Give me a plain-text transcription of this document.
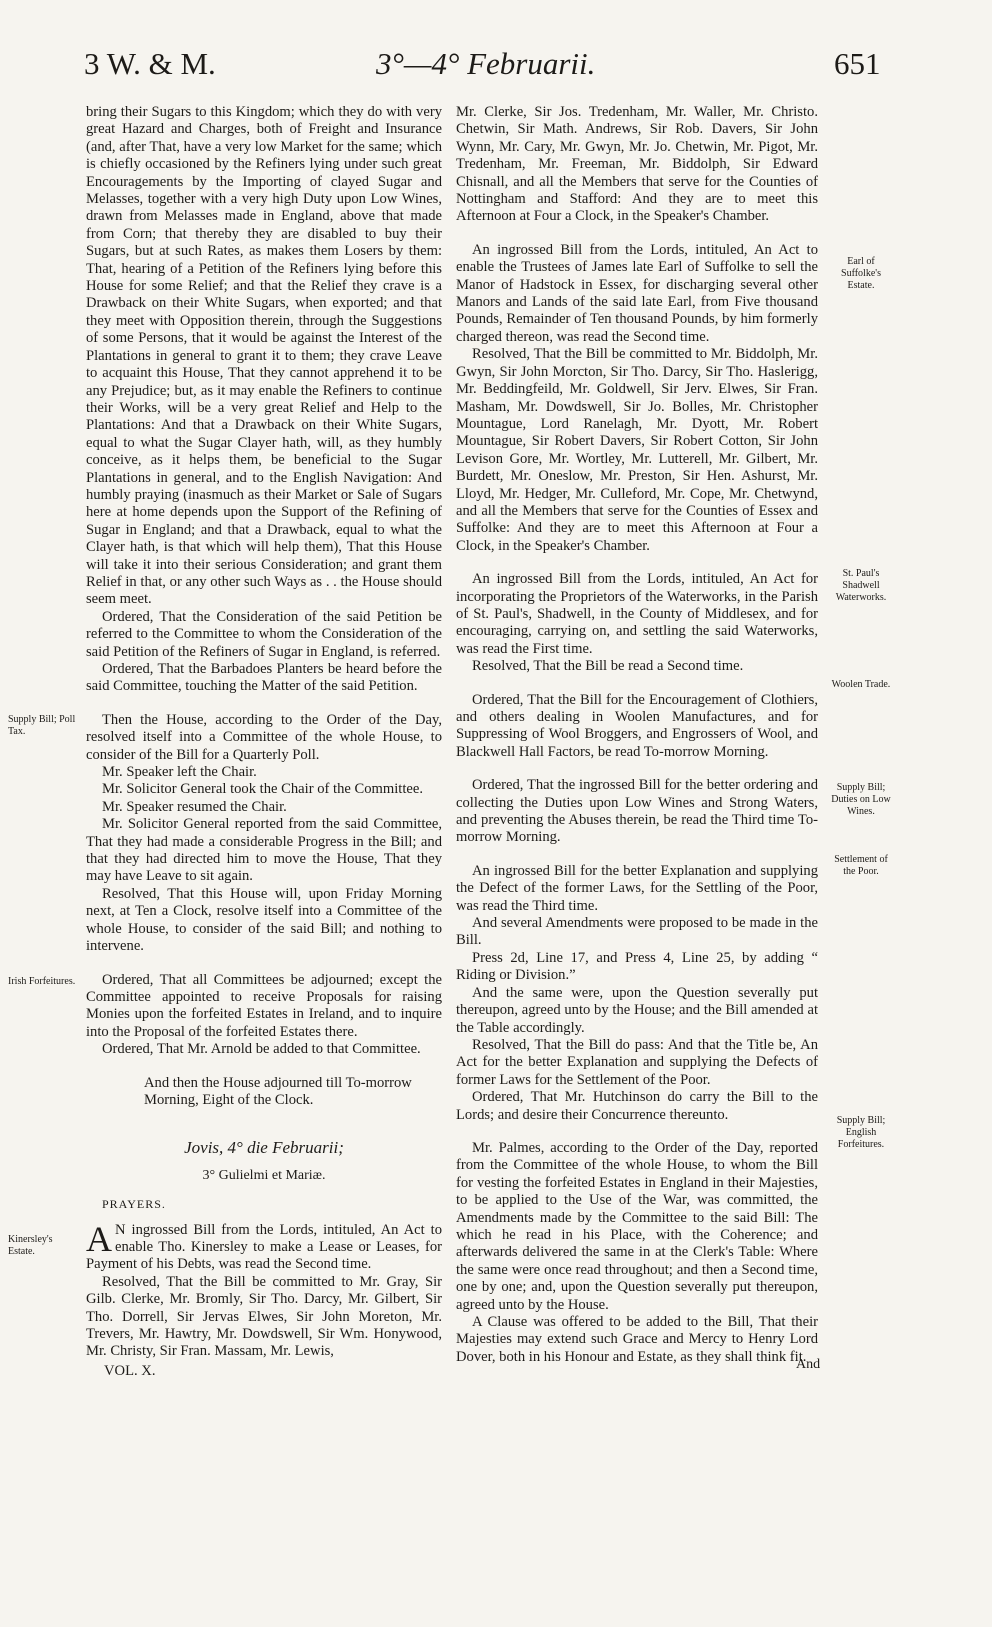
3 W. & M.	3°—4° Februarii.	651
Supply Bill; Poll Tax.
Irish Forfeitures.
Kinersley's Estate.
Earl of Suffolke's Estate.
St. Paul's Shadwell Waterworks.
Woolen Trade.
Supply Bill; Duties on Low Wines.
Settlement of the Poor.
Supply Bill; English Forfeitures.

bring their Sugars to this Kingdom; which they do with very great Hazard and Charges, both of Freight and Insurance (and, after That, have a very low Market for the same; which is chiefly occasioned by the Refiners lying under such great Encouragements by the Importing of clayed Sugar and Melasses, together with a very high Duty upon Low Wines, drawn from Melasses made in England, above that made from Corn; that thereby they are disabled to buy their Sugars, but at such Rates, as makes them Losers by them: That, hearing of a Petition of the Refiners lying before this House for some Relief; and that the Relief they crave is a Drawback on their White Sugars, when exported; and that they meet with Opposition therein, through the Suggestions of some Persons, that it would be against the Interest of the Plantations in general to grant it to them; they crave Leave to acquaint this House, That they cannot apprehend it to be any Prejudice; but, as it may enable the Refiners to continue their Works, will be a very great Relief and Help to the Plantations: And that a Drawback on their White Sugars, equal to what the Sugar Clayer hath, will, as they humbly conceive, as it helps them, be beneficial to the Sugar Plantations in general, and to the English Navigation: And humbly praying (inasmuch as their Market or Sale of Sugars here at home depends upon the Support of the Refining of Sugar in England; and that a Drawback, equal to what the Clayer hath, is that which will help them), That this House will take it into their serious Consideration; and grant them Relief in that, or any other such Ways as . . the House should seem meet.

Ordered, That the Consideration of the said Petition be referred to the Committee to whom the Consideration of the said Petition of the Refiners of Sugar in England, is referred.

Ordered, That the Barbadoes Planters be heard before the said Committee, touching the Matter of the said Petition.

Then the House, according to the Order of the Day, resolved itself into a Committee of the whole House, to consider of the Bill for a Quarterly Poll.

Mr. Speaker left the Chair.

Mr. Solicitor General took the Chair of the Committee.

Mr. Speaker resumed the Chair.

Mr. Solicitor General reported from the said Committee, That they had made a considerable Progress in the Bill; and that they had directed him to move the House, That they may have Leave to sit again.

Resolved, That this House will, upon Friday Morning next, at Ten a Clock, resolve itself into a Committee of the whole House, to consider of the said Bill; and nothing to intervene.

Ordered, That all Committees be adjourned; except the Committee appointed to receive Proposals for raising Monies upon the forfeited Estates in Ireland, and to inquire into the Proposal of the forfeited Estates there.

Ordered, That Mr. Arnold be added to that Committee.

And then the House adjourned till To-morrow Morning, Eight of the Clock.

Jovis, 4° die Februarii;

3° Gulielmi et Mariæ.

PRAYERS.

A N ingrossed Bill from the Lords, intituled, An Act to enable Tho. Kinersley to make a Lease or Leases, for Payment of his Debts, was read the Second time.

Resolved, That the Bill be committed to Mr. Gray, Sir Gilb. Clerke, Mr. Bromly, Sir Tho. Darcy, Mr. Gilbert, Sir Tho. Dorrell, Sir Jervas Elwes, Sir John Moreton, Mr. Trevers, Mr. Hawtry, Mr. Dowdswell, Sir Wm. Honywood, Mr. Christy, Sir Fran. Massam, Mr. Lewis,

VOL. X.

Mr. Clerke, Sir Jos. Tredenham, Mr. Waller, Mr. Christo. Chetwin, Sir Math. Andrews, Sir Rob. Davers, Sir John Wynn, Mr. Cary, Mr. Gwyn, Mr. Jo. Chetwin, Mr. Pigot, Mr. Tredenham, Mr. Freeman, Mr. Biddolph, Sir Edward Chisnall, and all the Members that serve for the Counties of Nottingham and Stafford: And they are to meet this Afternoon at Four a Clock, in the Speaker's Chamber.

An ingrossed Bill from the Lords, intituled, An Act to enable the Trustees of James late Earl of Suffolke to sell the Manor of Hadstock in Essex, for discharging several other Manors and Lands of the said late Earl, from Five thousand Pounds, Remainder of Ten thousand Pounds, by him formerly charged thereon, was read the Second time.

Resolved, That the Bill be committed to Mr. Biddolph, Mr. Gwyn, Sir John Morcton, Sir Tho. Darcy, Sir Tho. Haslerigg, Mr. Beddingfeild, Mr. Goldwell, Sir Jerv. Elwes, Sir Fran. Masham, Mr. Dowdswell, Sir Jo. Bolles, Mr. Christopher Mountague, Lord Ranelagh, Mr. Dyott, Mr. Robert Mountague, Sir Robert Davers, Sir Robert Cotton, Sir John Levison Gore, Mr. Wortley, Mr. Lutterell, Mr. Gilbert, Mr. Burdett, Mr. Oneslow, Mr. Preston, Sir Hen. Ashurst, Mr. Lloyd, Mr. Hedger, Mr. Culleford, Mr. Cope, Mr. Chetwynd, and all the Members that serve for the Counties of Essex and Suffolke: And they are to meet this Afternoon at Four a Clock, in the Speaker's Chamber.

An ingrossed Bill from the Lords, intituled, An Act for incorporating the Proprietors of the Waterworks, in the Parish of St. Paul's, Shadwell, in the County of Middlesex, and for encouraging, carrying on, and settling the said Waterworks, was read the First time.

Resolved, That the Bill be read a Second time.

Ordered, That the Bill for the Encouragement of Clothiers, and others dealing in Woolen Manufactures, and for Suppressing of Wool Broggers, and Engrossers of Wool, and Blackwell Hall Factors, be read To-morrow Morning.

Ordered, That the ingrossed Bill for the better ordering and collecting the Duties upon Low Wines and Strong Waters, and preventing the Abuses therein, be read the Third time To-morrow Morning.

An ingrossed Bill for the better Explanation and supplying the Defect of the former Laws, for the Settling of the Poor, was read the Third time.

And several Amendments were proposed to be made in the Bill.

Press 2d, Line 17, and Press 4, Line 25, by adding “ Riding or Division.”

And the same were, upon the Question severally put thereupon, agreed unto by the House; and the Bill amended at the Table accordingly.

Resolved, That the Bill do pass: And that the Title be, An Act for the better Explanation and supplying the Defects of former Laws for the Settlement of the Poor.

Ordered, That Mr. Hutchinson do carry the Bill to the Lords; and desire their Concurrence thereunto.

Mr. Palmes, according to the Order of the Day, reported from the Committee of the whole House, to whom the Bill for vesting the forfeited Estates in England in their Majesties, to be applied to the Use of the War, was committed, the Amendments made by the Committee to the said Bill: The which he read in his Place, with the Coherence; and afterwards delivered the same in at the Clerk's Table: Where the same were once read throughout; and then a Second time, one by one; and, upon the Question severally put thereupon, agreed unto by the House.

A Clause was offered to be added to the Bill, That their Majesties may extend such Grace and Mercy to Henry Lord Dover, both in his Honour and Estate, as they shall think fit.

And
